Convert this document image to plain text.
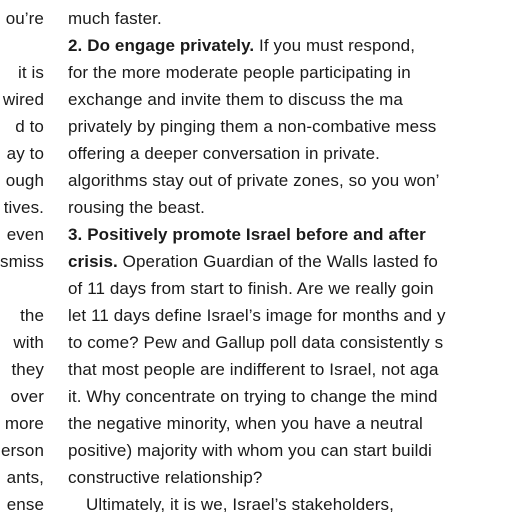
ou’re
it is
wired
d to
ay to
ough
tives.
even
smiss
the
with
they
over
more
erson
ants,
ense
much faster.
2. Do engage privately. If you must respond,
for the more moderate people participating in
exchange and invite them to discuss the ma
privately by pinging them a non-combative mess
offering a deeper conversation in private.
algorithms stay out of private zones, so you won’
rousing the beast.
3. Positively promote Israel before and after
crisis. Operation Guardian of the Walls lasted fo
of 11 days from start to finish. Are we really goin
let 11 days define Israel’s image for months and y
to come? Pew and Gallup poll data consistently s
that most people are indifferent to Israel, not aga
it. Why concentrate on trying to change the mind
the negative minority, when you have a neutral
positive) majority with whom you can start buildi
constructive relationship?
Ultimately, it is we, Israel’s stakeholders,
